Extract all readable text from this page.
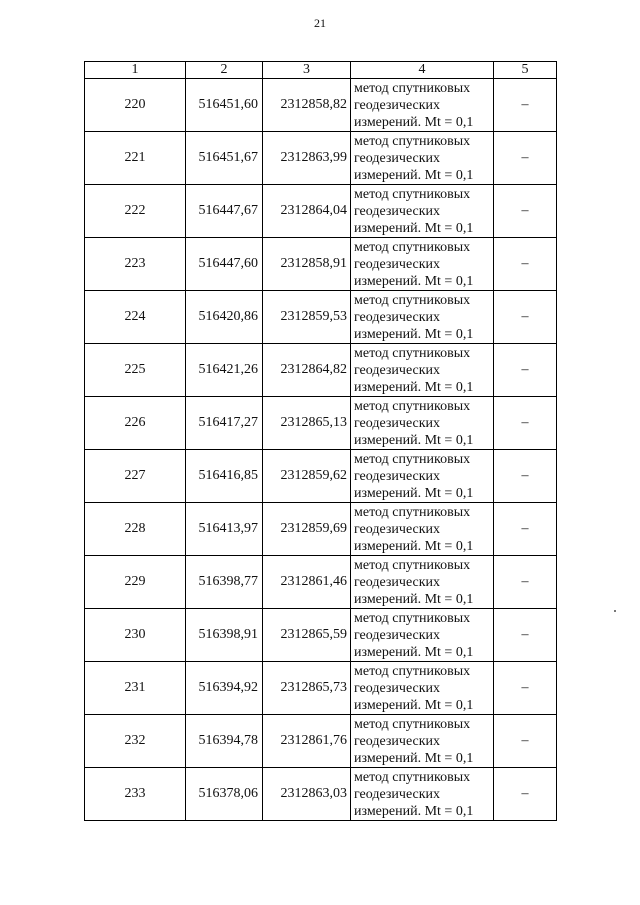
21
1	2	3	4	5
220	516451,60	2312858,82	метод спутниковых
геодезических
измерений. Mt = 0,1	–
221	516451,67	2312863,99	метод спутниковых
геодезических
измерений. Mt = 0,1	–
222	516447,67	2312864,04	метод спутниковых
геодезических
измерений. Mt = 0,1	–
223	516447,60	2312858,91	метод спутниковых
геодезических
измерений. Mt = 0,1	–
224	516420,86	2312859,53	метод спутниковых
геодезических
измерений. Mt = 0,1	–
225	516421,26	2312864,82	метод спутниковых
геодезических
измерений. Mt = 0,1	–
226	516417,27	2312865,13	метод спутниковых
геодезических
измерений. Mt = 0,1	–
227	516416,85	2312859,62	метод спутниковых
геодезических
измерений. Mt = 0,1	–
228	516413,97	2312859,69	метод спутниковых
геодезических
измерений. Mt = 0,1	–
229	516398,77	2312861,46	метод спутниковых
геодезических
измерений. Mt = 0,1	–
230	516398,91	2312865,59	метод спутниковых
геодезических
измерений. Mt = 0,1	–
231	516394,92	2312865,73	метод спутниковых
геодезических
измерений. Mt = 0,1	–
232	516394,78	2312861,76	метод спутниковых
геодезических
измерений. Mt = 0,1	–
233	516378,06	2312863,03	метод спутниковых
геодезических
измерений. Mt = 0,1	–
